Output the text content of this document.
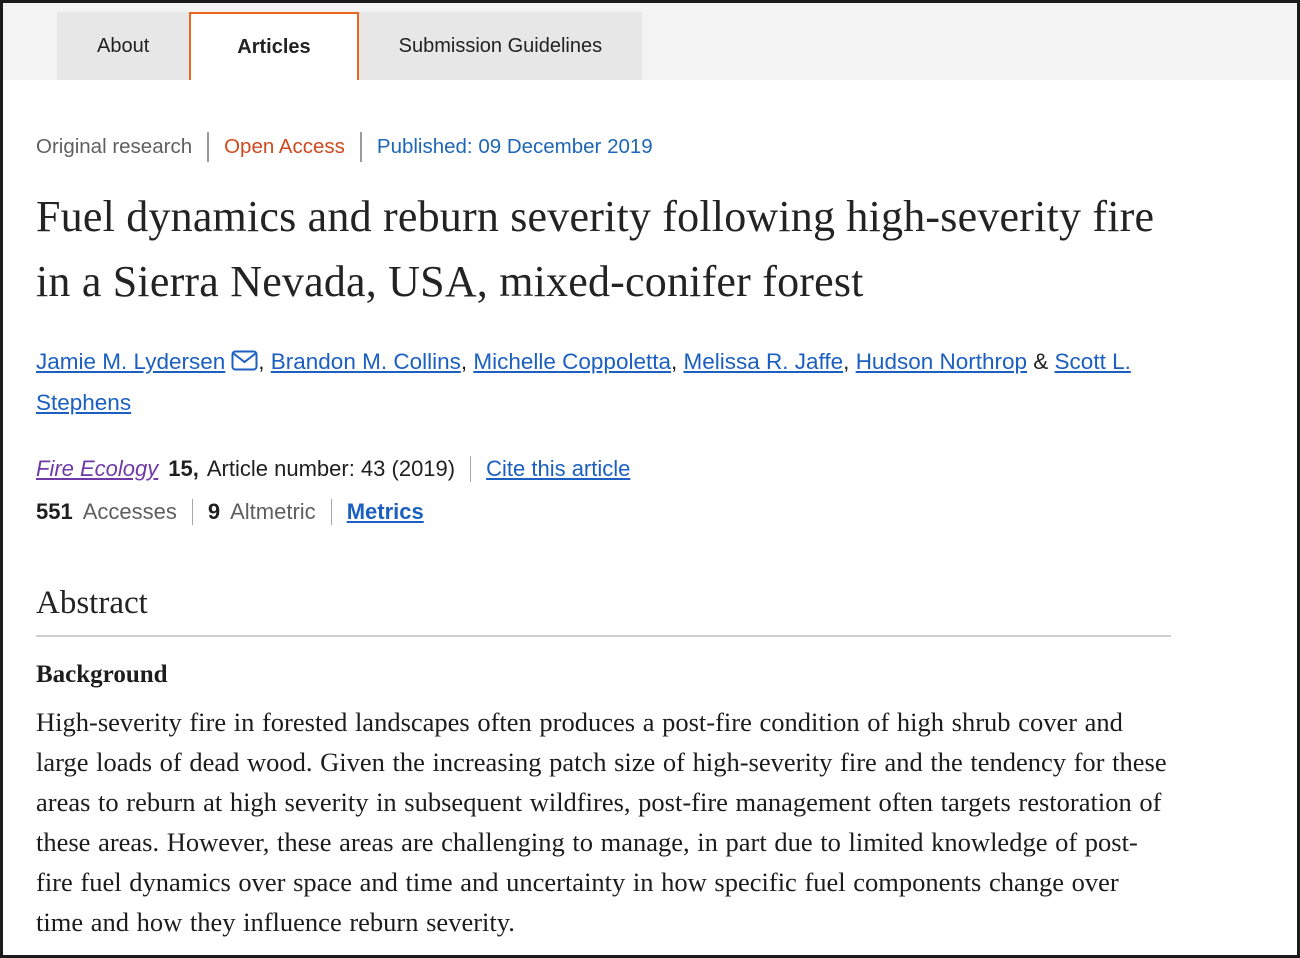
About	Articles	Submission Guidelines
Original research Open Access Published: 09 December 2019
Fuel dynamics and reburn severity following high-severity fire in a Sierra Nevada, USA, mixed-conifer forest

Jamie M. Lydersen , Brandon M. Collins, Michelle Coppoletta, Melissa R. Jaffe, Hudson Northrop & Scott L. Stephens

Fire Ecology 15, Article number: 43 (2019) Cite this article
551 Accesses 9 Altmetric Metrics
Abstract
Background

High-severity fire in forested landscapes often produces a post-fire condition of high shrub cover and large loads of dead wood. Given the increasing patch size of high-severity fire and the tendency for these areas to reburn at high severity in subsequent wildfires, post-fire management often targets restoration of these areas. However, these areas are challenging to manage, in part due to limited knowledge of post-fire fuel dynamics over space and time and uncertainty in how specific fuel components change over time and how they influence reburn severity.
